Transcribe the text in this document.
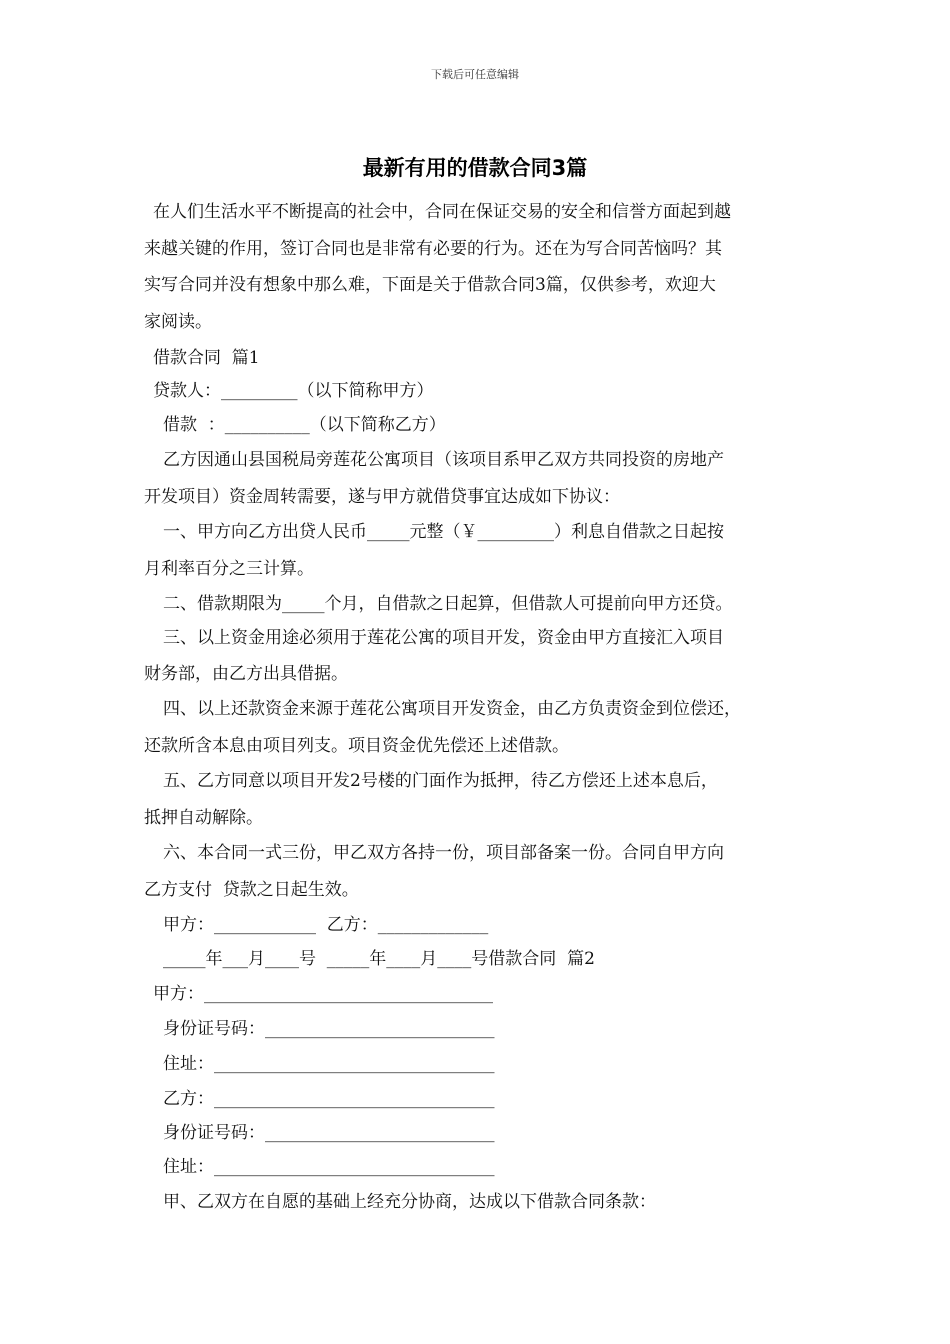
下载后可任意编辑
最新有用的借款合同3篇
在人们生活水平不断提高的社会中，合同在保证交易的安全和信誉方面起到越
来越关键的作用，签订合同也是非常有必要的行为。还在为写合同苦恼吗？其
实写合同并没有想象中那么难，下面是关于借款合同3篇，仅供参考，欢迎大
家阅读。
借款合同  篇1
贷款人：_________（以下简称甲方）
借款  ：__________（以下简称乙方）
乙方因通山县国税局旁莲花公寓项目（该项目系甲乙双方共同投资的房地产
开发项目）资金周转需要，遂与甲方就借贷事宜达成如下协议：
一、甲方向乙方出贷人民币_____元整（￥_________）利息自借款之日起按
月利率百分之三计算。
二、借款期限为_____个月，自借款之日起算，但借款人可提前向甲方还贷。
三、以上资金用途必须用于莲花公寓的项目开发，资金由甲方直接汇入项目
财务部，由乙方出具借据。
四、以上还款资金来源于莲花公寓项目开发资金，由乙方负责资金到位偿还，
还款所含本息由项目列支。项目资金优先偿还上述借款。
五、乙方同意以项目开发2号楼的门面作为抵押，待乙方偿还上述本息后，
抵押自动解除。
六、本合同一式三份，甲乙双方各持一份，项目部备案一份。合同自甲方向
乙方支付  贷款之日起生效。
甲方：____________  乙方：_____________
_____年___月____号  _____年____月____号借款合同  篇2
甲方：__________________________________
身份证号码：___________________________
住址：_________________________________
乙方：_________________________________
身份证号码：___________________________
住址：_________________________________
甲、乙双方在自愿的基础上经充分协商，达成以下借款合同条款：
